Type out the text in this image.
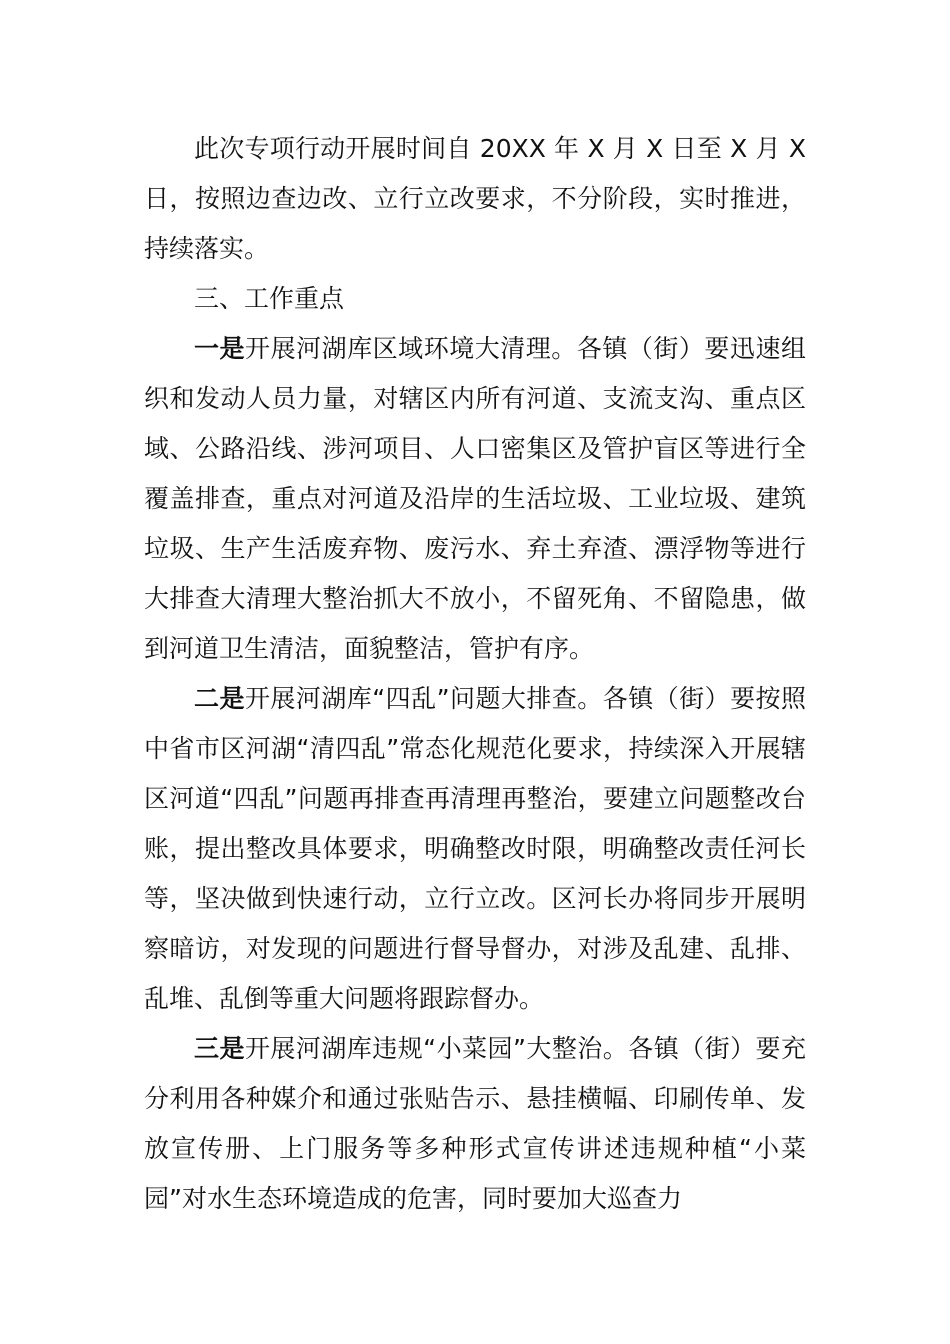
此次专项行动开展时间自 20XX 年 X 月 X 日至 X 月 X 日，按照边查边改、立行立改要求，不分阶段，实时推进，持续落实。

三、工作重点

一是开展河湖库区域环境大清理。各镇（街）要迅速组织和发动人员力量，对辖区内所有河道、支流支沟、重点区域、公路沿线、涉河项目、人口密集区及管护盲区等进行全覆盖排查，重点对河道及沿岸的生活垃圾、工业垃圾、建筑垃圾、生产生活废弃物、废污水、弃土弃渣、漂浮物等进行大排查大清理大整治抓大不放小，不留死角、不留隐患，做到河道卫生清洁，面貌整洁，管护有序。

二是开展河湖库“四乱”问题大排查。各镇（街）要按照中省市区河湖“清四乱”常态化规范化要求，持续深入开展辖区河道“四乱”问题再排查再清理再整治，要建立问题整改台账，提出整改具体要求，明确整改时限，明确整改责任河长等，坚决做到快速行动，立行立改。区河长办将同步开展明察暗访，对发现的问题进行督导督办，对涉及乱建、乱排、乱堆、乱倒等重大问题将跟踪督办。

三是开展河湖库违规“小菜园”大整治。各镇（街）要充分利用各种媒介和通过张贴告示、悬挂横幅、印刷传单、发放宣传册、上门服务等多种形式宣传讲述违规种植“小菜园”对水生态环境造成的危害，同时要加大巡查力
